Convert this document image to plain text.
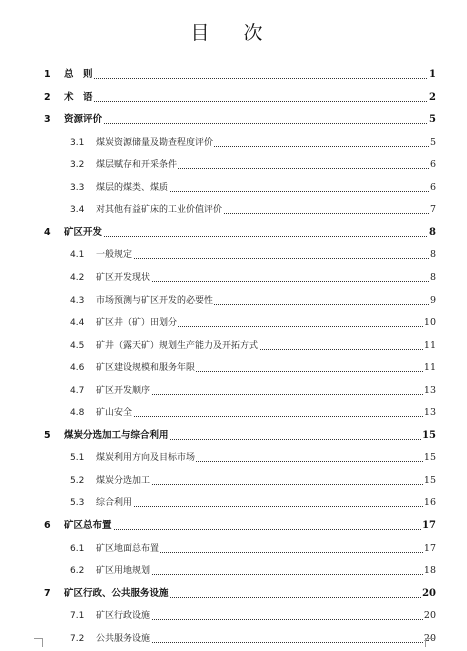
目 次
1 总　则	1
2 术　语	2
3 资源评价	5
3.1 煤炭资源储量及勘查程度评价	5
3.2 煤层赋存和开采条件	6
3.3 煤层的煤类、煤质	6
3.4 对其他有益矿床的工业价值评价	7
4 矿区开发	8
4.1 一般规定	8
4.2 矿区开发现状	8
4.3 市场预测与矿区开发的必要性	9
4.4 矿区井（矿）田划分	10
4.5 矿井（露天矿）规划生产能力及开拓方式	11
4.6 矿区建设规模和服务年限	11
4.7 矿区开发顺序	13
4.8 矿山安全	13
5 煤炭分选加工与综合利用	15
5.1 煤炭利用方向及目标市场	15
5.2 煤炭分选加工	15
5.3 综合利用	16
6 矿区总布置	17
6.1 矿区地面总布置	17
6.2 矿区用地规划	18
7 矿区行政、公共服务设施	20
7.1 矿区行政设施	20
7.2 公共服务设施	20
